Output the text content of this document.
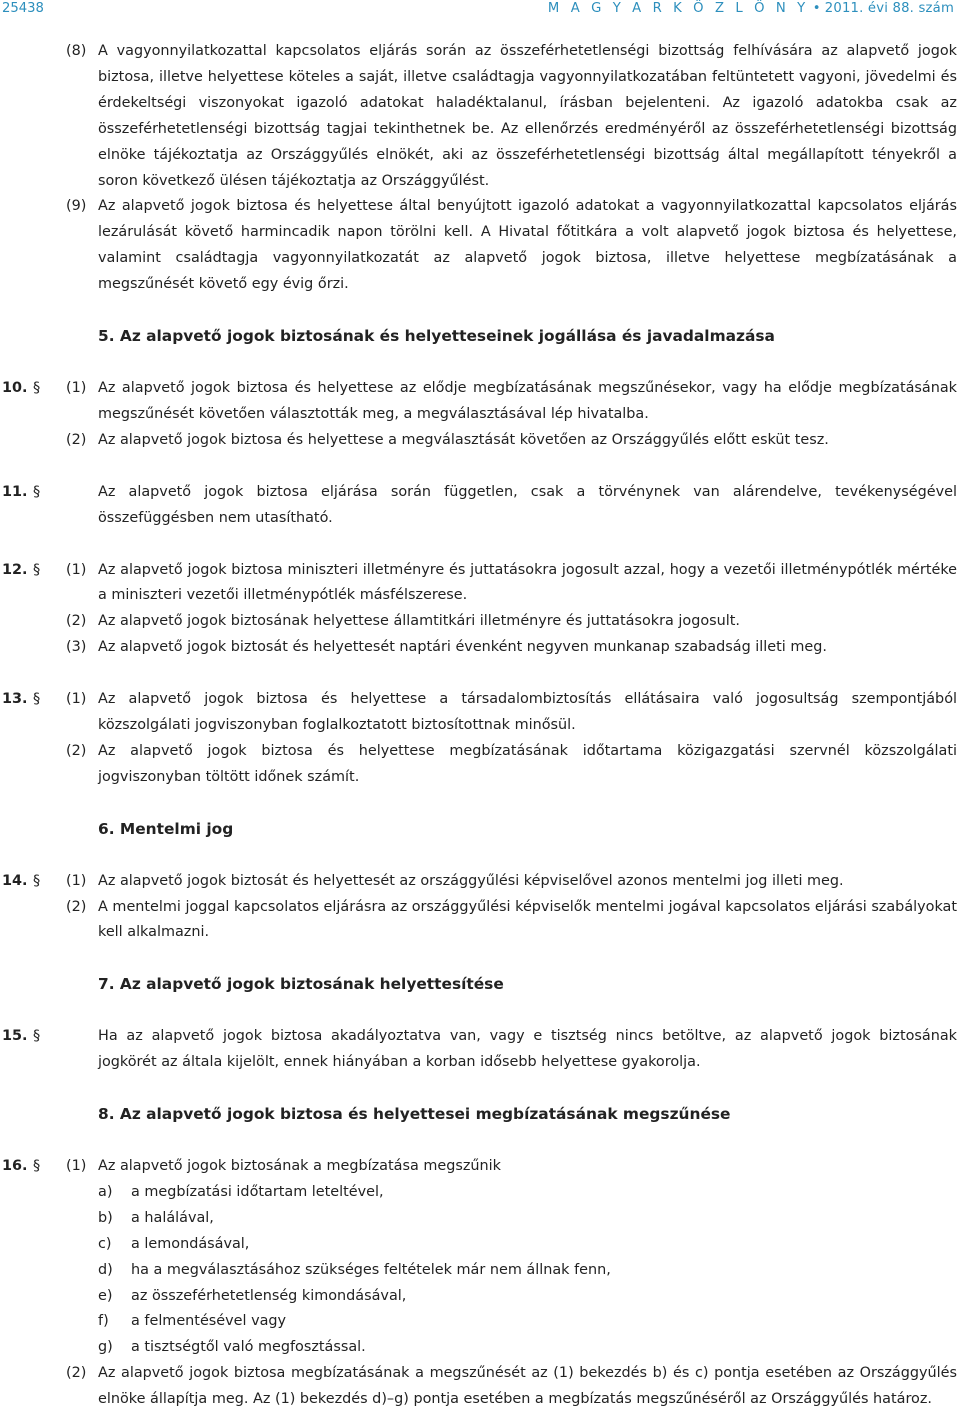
25438	M A G Y A R K Ö Z L Ö N Y • 2011. évi 88. szám
(8) A vagyonnyilatkozattal kapcsolatos eljárás során az összeférhetetlenségi bizottság felhívására az alapvető jogok biztosa, illetve helyettese köteles a saját, illetve családtagja vagyonnyilatkozatában feltüntetett vagyoni, jövedelmi és érdekeltségi viszonyokat igazoló adatokat haladéktalanul, írásban bejelenteni. Az igazoló adatokba csak az összeférhetetlenségi bizottság tagjai tekinthetnek be. Az ellenőrzés eredményéről az összeférhetetlenségi bizottság elnöke tájékoztatja az Országgyűlés elnökét, aki az összeférhetetlenségi bizottság által megállapított tényekről a soron következő ülésen tájékoztatja az Országgyűlést.
(9) Az alapvető jogok biztosa és helyettese által benyújtott igazoló adatokat a vagyonnyilatkozattal kapcsolatos eljárás lezárulását követő harmincadik napon törölni kell. A Hivatal főtitkára a volt alapvető jogok biztosa és helyettese, valamint családtagja vagyonnyilatkozatát az alapvető jogok biztosa, illetve helyettese megbízatásának a megszűnését követő egy évig őrzi.
5. Az alapvető jogok biztosának és helyetteseinek jogállása és javadalmazása
10. § (1) Az alapvető jogok biztosa és helyettese az elődje megbízatásának megszűnésekor, vagy ha elődje megbízatásának megszűnését követően választották meg, a megválasztásával lép hivatalba.
(2) Az alapvető jogok biztosa és helyettese a megválasztását követően az Országgyűlés előtt esküt tesz.
11. §	Az alapvető jogok biztosa eljárása során független, csak a törvénynek van alárendelve, tevékenységével összefüggésben nem utasítható.
12. § (1) Az alapvető jogok biztosa miniszteri illetményre és juttatásokra jogosult azzal, hogy a vezetői illetménypótlék mértéke a miniszteri vezetői illetménypótlék másfélszerese.
(2) Az alapvető jogok biztosának helyettese államtitkári illetményre és juttatásokra jogosult.
(3) Az alapvető jogok biztosát és helyettesét naptári évenként negyven munkanap szabadság illeti meg.
13. § (1) Az alapvető jogok biztosa és helyettese a társadalombiztosítás ellátásaira való jogosultság szempontjából közszolgálati jogviszonyban foglalkoztatott biztosítottnak minősül.
(2) Az alapvető jogok biztosa és helyettese megbízatásának időtartama közigazgatási szervnél közszolgálati jogviszonyban töltött időnek számít.
6. Mentelmi jog
14. § (1) Az alapvető jogok biztosát és helyettesét az országgyűlési képviselővel azonos mentelmi jog illeti meg.
(2) A mentelmi joggal kapcsolatos eljárásra az országgyűlési képviselők mentelmi jogával kapcsolatos eljárási szabályokat kell alkalmazni.
7. Az alapvető jogok biztosának helyettesítése
15. §	Ha az alapvető jogok biztosa akadályoztatva van, vagy e tisztség nincs betöltve, az alapvető jogok biztosának jogkörét az általa kijelölt, ennek hiányában a korban idősebb helyettese gyakorolja.
8. Az alapvető jogok biztosa és helyettesei megbízatásának megszűnése
16. § (1) Az alapvető jogok biztosának a megbízatása megszűnik
a) a megbízatási időtartam leteltével,
b) a halálával,
c) a lemondásával,
d) ha a megválasztásához szükséges feltételek már nem állnak fenn,
e) az összeférhetetlenség kimondásával,
f) a felmentésével vagy
g) a tisztségtől való megfosztással.
(2) Az alapvető jogok biztosa megbízatásának a megszűnését az (1) bekezdés b) és c) pontja esetében az Országgyűlés elnöke állapítja meg. Az (1) bekezdés d)–g) pontja esetében a megbízatás megszűnéséről az Országgyűlés határoz.
